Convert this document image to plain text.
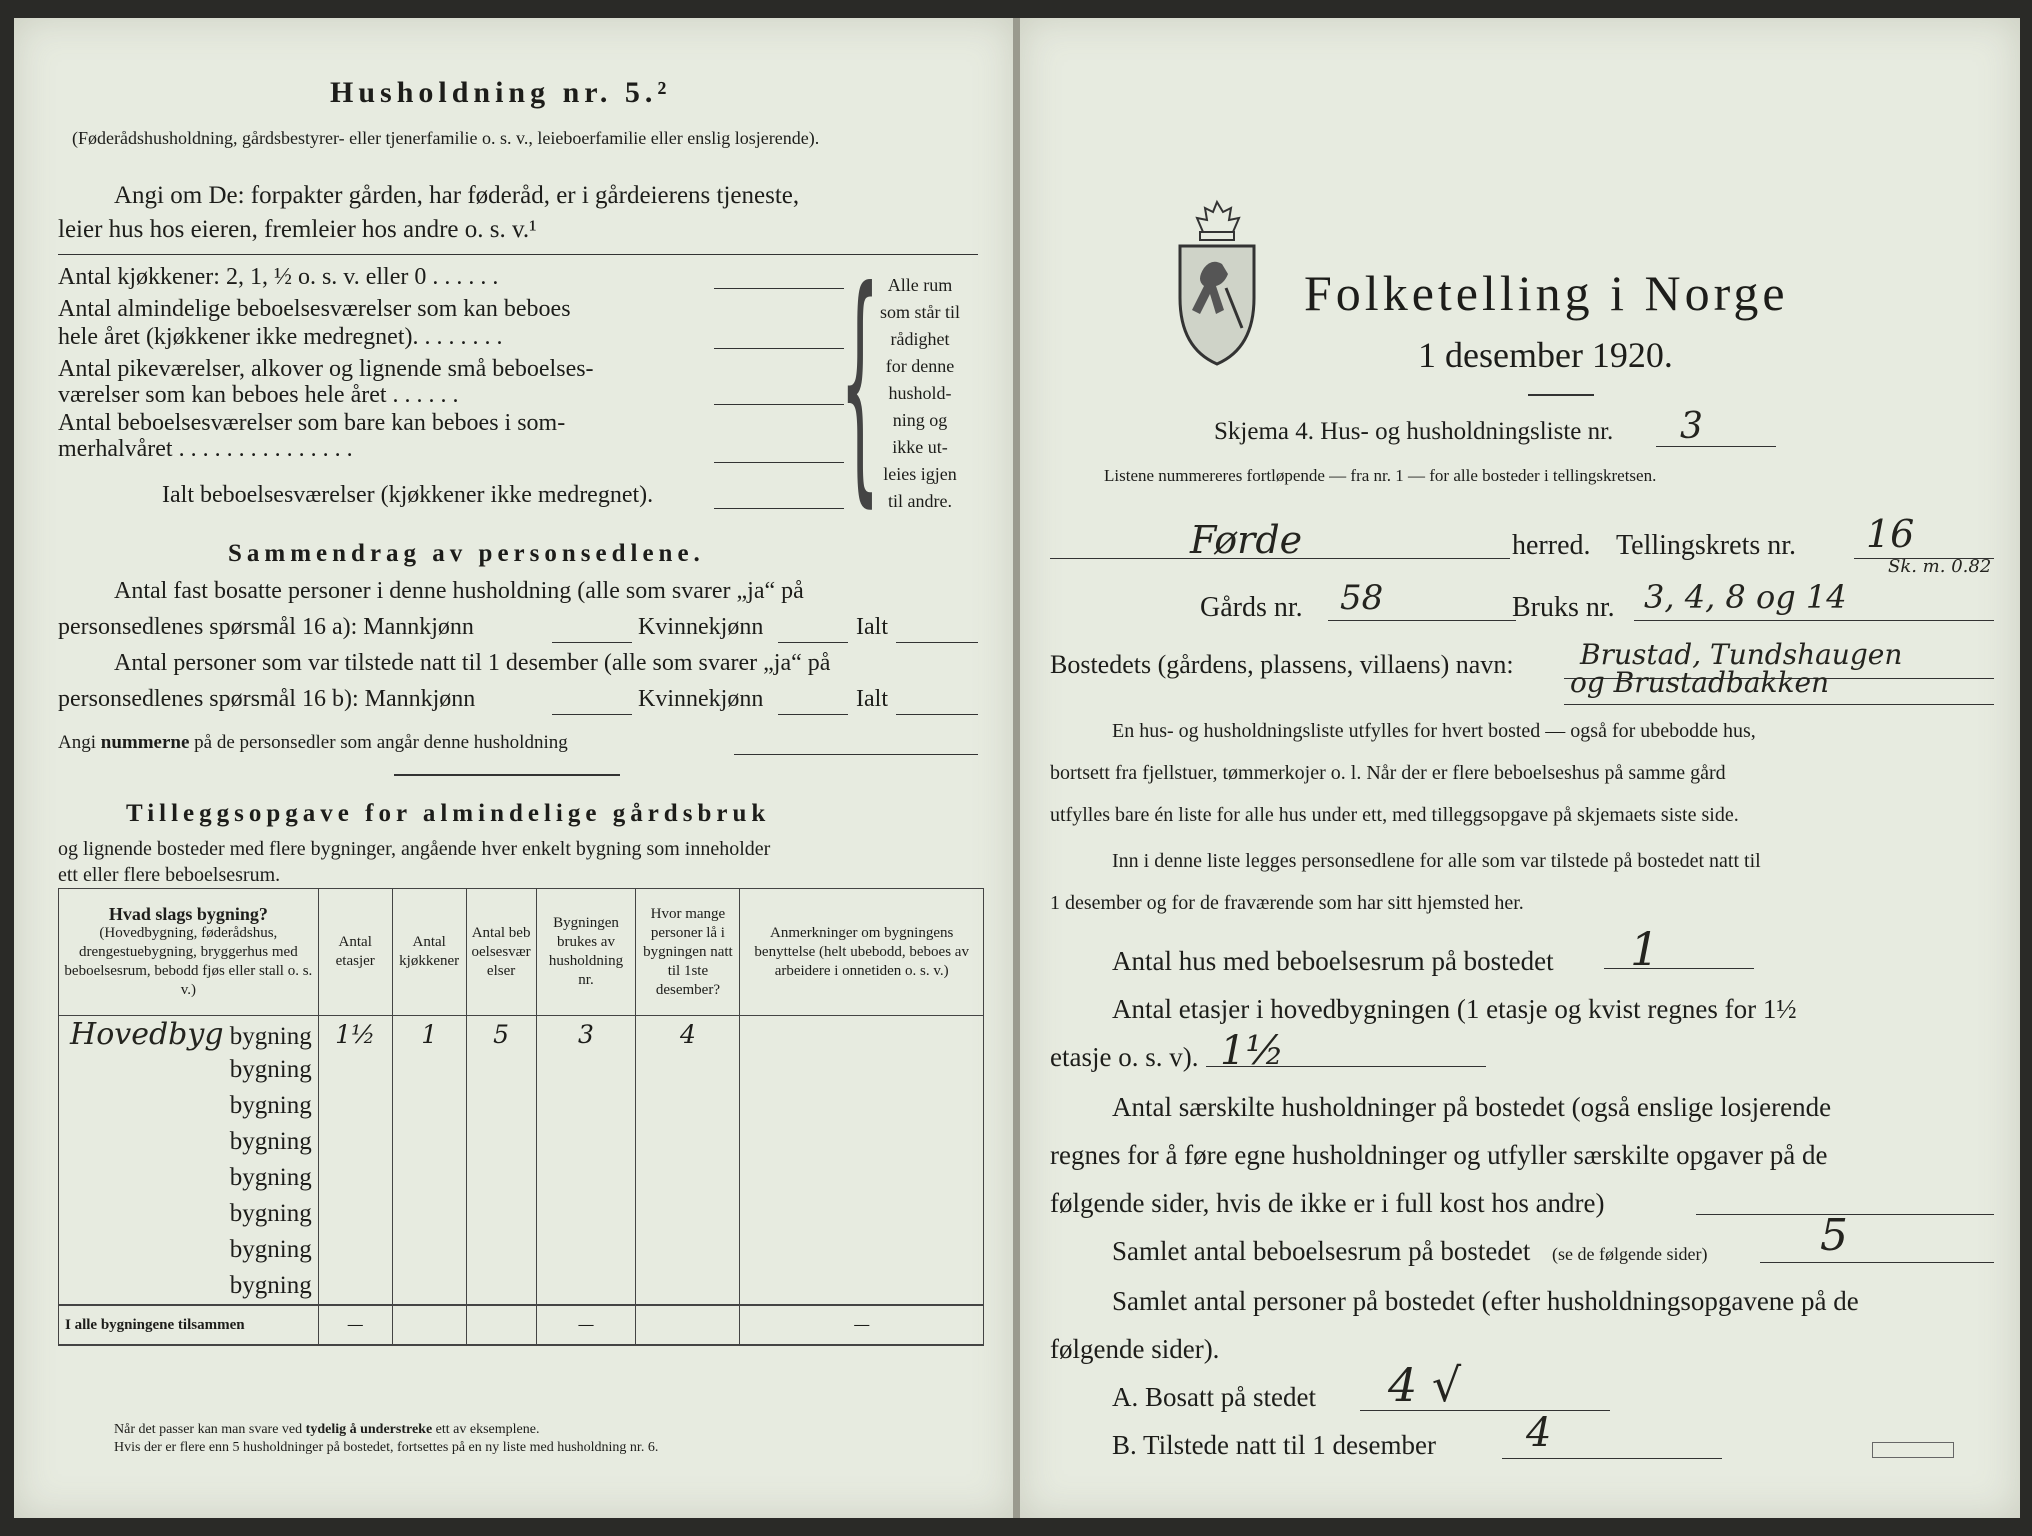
Husholdning nr. 5.²
(Føderådshusholdning, gårdsbestyrer- eller tjenerfamilie o. s. v., leieboerfamilie eller enslig losjerende).
Angi om De: forpakter gården, har føderåd, er i gårdeierens tjeneste,
leier hus hos eieren, fremleier hos andre o. s. v.¹
Antal kjøkkener: 2, 1, ½ o. s. v. eller 0 . . . . . .
Antal almindelige beboelsesværelser som kan beboes
hele året (kjøkkener ikke medregnet). . . . . . . .
Antal pikeværelser, alkover og lignende små beboelses-
værelser som kan beboes hele året . . . . . .
Antal beboelsesværelser som bare kan beboes i som-
merhalvåret . . . . . . . . . . . . . . .
Ialt beboelsesværelser (kjøkkener ikke medregnet). { Alle rum
som står til
rådighet
for denne
hushold-
ning og
ikke ut-
leies igjen
til andre.
Sammendrag av personsedlene.
Antal fast bosatte personer i denne husholdning (alle som svarer „ja“ på
personsedlenes spørsmål 16 a): Mannkjønn	Kvinnekjønn	Ialt
Antal personer som var tilstede natt til 1 desember (alle som svarer „ja“ på
personsedlenes spørsmål 16 b): Mannkjønn	Kvinnekjønn	Ialt
Angi nummerne på de personsedler som angår denne husholdning
Tilleggsopgave for almindelige gårdsbruk
og lignende bosteder med flere bygninger, angående hver enkelt bygning som inneholder
ett eller flere beboelsesrum.
Hvad slags bygning?
(Hovedbygning, føderådshus, drengestuebygning, bryggerhus med beboelsesrum, bebodd fjøs eller stall o. s. v.)	Antal etasjer	Antal kjøkkener	Antal beboelsesværelser	Bygningen brukes av husholdning nr.	Hvor mange personer lå i bygningen natt til 1ste desember?	Anmerkninger om bygningens benyttelse (helt ubebodd, beboes av arbeidere i onnetiden o. s. v.)
Hovedbyg bygning	1½	1	5	3	4	
bygning						
bygning						
bygning						
bygning						
bygning						
bygning						
bygning						
I alle bygningene tilsammen	—			—		—
Når det passer kan man svare ved tydelig å understreke ett av eksemplene.
Hvis der er flere enn 5 husholdninger på bostedet, fortsettes på en ny liste med husholdning nr. 6.
Folketelling i Norge
1 desember 1920.
Skjema 4. Hus- og husholdningsliste nr. 3
Listene nummereres fortløpende — fra nr. 1 — for alle bosteder i tellingskretsen.
Førde	herred. Tellingskrets nr. 16
Sk. m. 0.82
Gårds nr. 58	Bruks nr. 3, 4, 8 og 14
Bostedets (gårdens, plassens, villaens) navn: Brustad, Tundshaugen
og Brustadbakken
En hus- og husholdningsliste utfylles for hvert bosted — også for ubebodde hus,
bortsett fra fjellstuer, tømmerkojer o. l. Når der er flere beboelseshus på samme gård
utfylles bare én liste for alle hus under ett, med tilleggsopgave på skjemaets siste side.
Inn i denne liste legges personsedlene for alle som var tilstede på bostedet natt til
1 desember og for de fraværende som har sitt hjemsted her.
Antal hus med beboelsesrum på bostedet 1
Antal etasjer i hovedbygningen (1 etasje og kvist regnes for 1½
etasje o. s. v). 1½
Antal særskilte husholdninger på bostedet (også enslige losjerende
regnes for å føre egne husholdninger og utfyller særskilte opgaver på de
følgende sider, hvis de ikke er i full kost hos andre)
Samlet antal beboelsesrum på bostedet (se de følgende sider)	5
Samlet antal personer på bostedet (efter husholdningsopgavene på de
følgende sider).
A. Bosatt på stedet 4 √
B. Tilstede natt til 1 desember 4
